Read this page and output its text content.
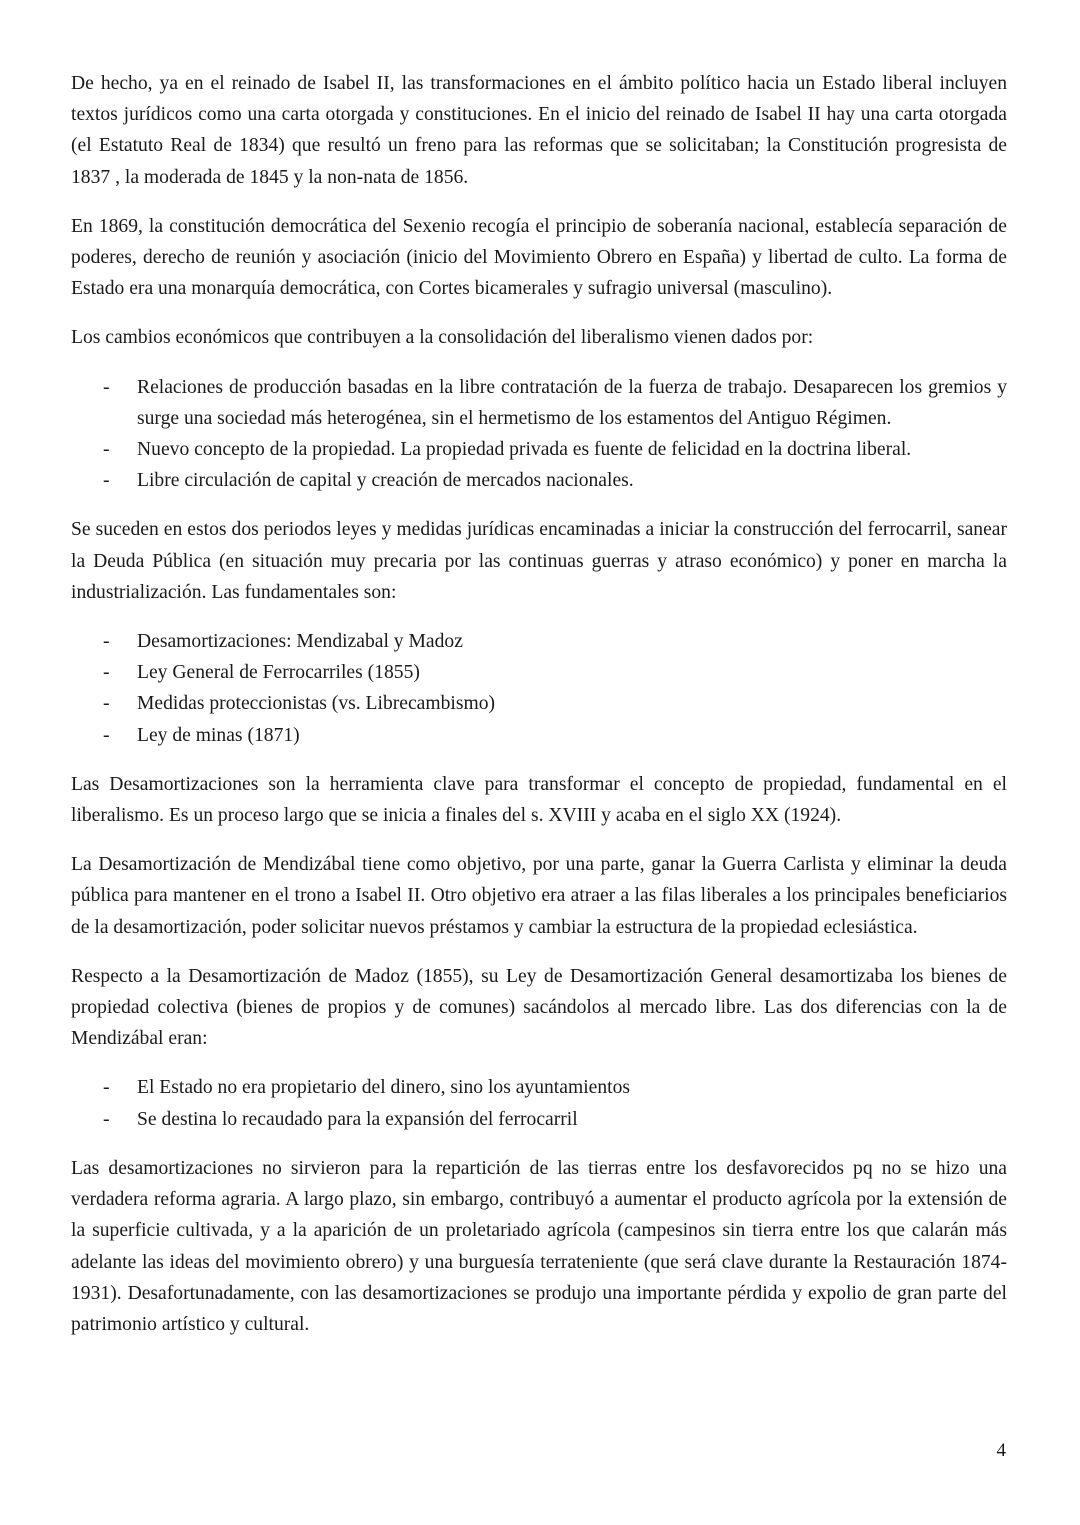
De hecho, ya en el reinado de Isabel II, las transformaciones en el ámbito político hacia un Estado liberal incluyen textos jurídicos como una carta otorgada y constituciones. En el inicio del reinado de Isabel II hay una carta otorgada (el Estatuto Real de 1834) que resultó un freno para las reformas que se solicitaban; la Constitución progresista de 1837 , la moderada de 1845 y la non-nata de 1856.

En 1869, la constitución democrática del Sexenio recogía el principio de soberanía nacional, establecía separación de poderes, derecho de reunión y asociación (inicio del Movimiento Obrero en España) y libertad de culto. La forma de Estado era una monarquía democrática, con Cortes bicamerales y sufragio universal (masculino).

Los cambios económicos que contribuyen a la consolidación del liberalismo vienen dados por:

- Relaciones de producción basadas en la libre contratación de la fuerza de trabajo. Desaparecen los gremios y surge una sociedad más heterogénea, sin el hermetismo de los estamentos del Antiguo Régimen.
- Nuevo concepto de la propiedad. La propiedad privada es fuente de felicidad en la doctrina liberal.
- Libre circulación de capital y creación de mercados nacionales.

Se suceden en estos dos periodos leyes y medidas jurídicas encaminadas a iniciar la construcción del ferrocarril, sanear la Deuda Pública (en situación muy precaria por las continuas guerras y atraso económico) y poner en marcha la industrialización. Las fundamentales son:

- Desamortizaciones: Mendizabal y Madoz
- Ley General de Ferrocarriles (1855)
- Medidas proteccionistas (vs. Librecambismo)
- Ley de minas (1871)

Las Desamortizaciones son la herramienta clave para transformar el concepto de propiedad, fundamental en el liberalismo. Es un proceso largo que se inicia a finales del s. XVIII y acaba en el siglo XX (1924).

La Desamortización de Mendizábal tiene como objetivo, por una parte, ganar la Guerra Carlista y eliminar la deuda pública para mantener en el trono a Isabel II. Otro objetivo era atraer a las filas liberales a los principales beneficiarios de la desamortización, poder solicitar nuevos préstamos y cambiar la estructura de la propiedad eclesiástica.

Respecto a la Desamortización de Madoz (1855), su Ley de Desamortización General desamortizaba los bienes de propiedad colectiva (bienes de propios y de comunes) sacándolos al mercado libre. Las dos diferencias con la de Mendizábal eran:

- El Estado no era propietario del dinero, sino los ayuntamientos
- Se destina lo recaudado para la expansión del ferrocarril

Las desamortizaciones no sirvieron para la repartición de las tierras entre los desfavorecidos pq no se hizo una verdadera reforma agraria. A largo plazo, sin embargo, contribuyó a aumentar el producto agrícola por la extensión de la superficie cultivada, y a la aparición de un proletariado agrícola (campesinos sin tierra entre los que calarán más adelante las ideas del movimiento obrero) y una burguesía terrateniente (que será clave durante la Restauración 1874-1931). Desafortunadamente, con las desamortizaciones se produjo una importante pérdida y expolio de gran parte del patrimonio artístico y cultural.

4
